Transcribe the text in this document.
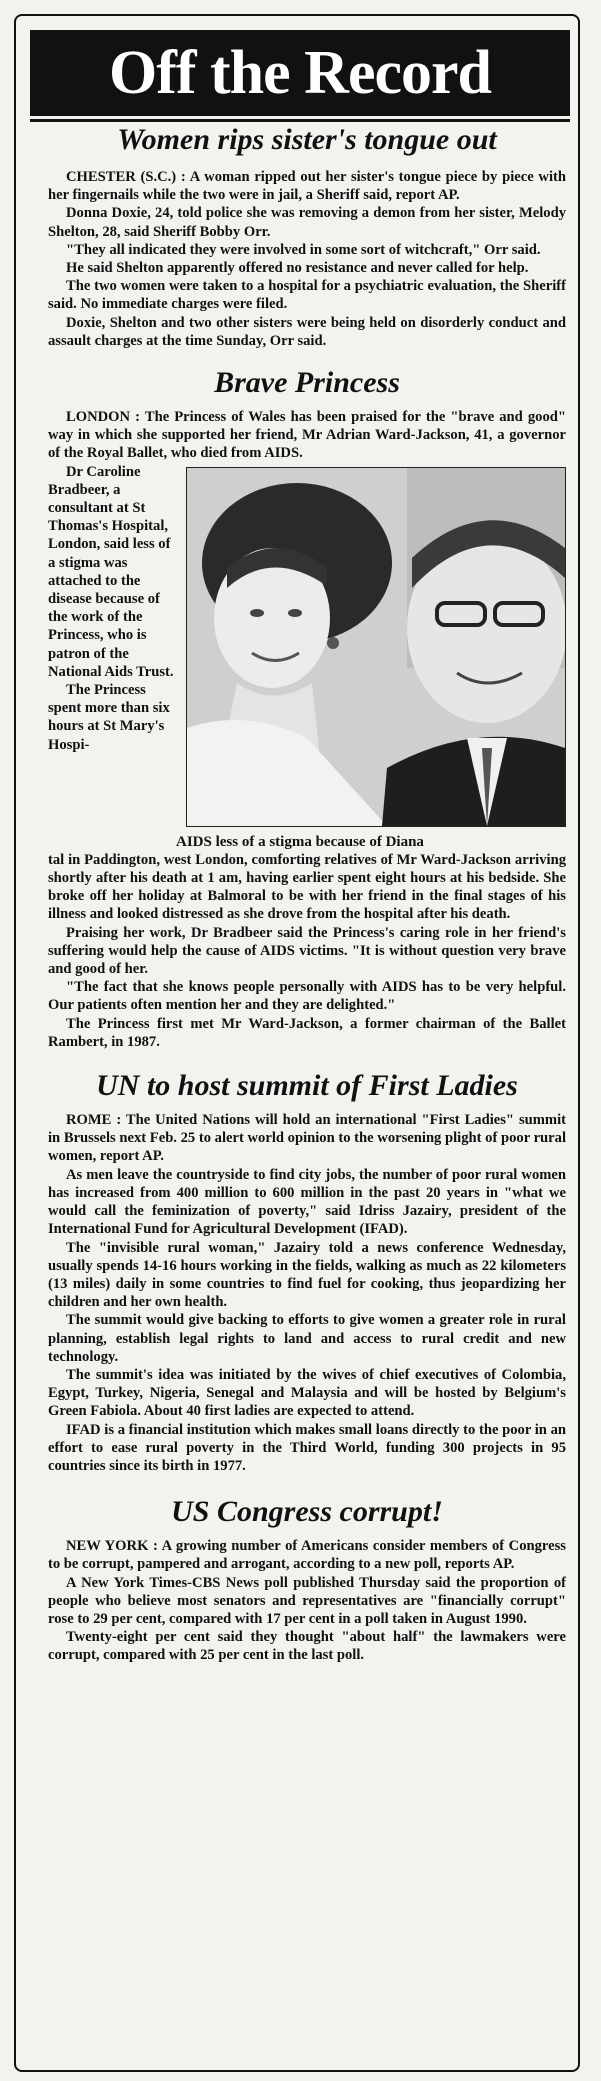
Off the Record
Women rips sister's tongue out

CHESTER (S.C.) : A woman ripped out her sister's tongue piece by piece with her fingernails while the two were in jail, a Sheriff said, report AP.

Donna Doxie, 24, told police she was removing a demon from her sister, Melody Shelton, 28, said Sheriff Bobby Orr.

"They all indicated they were involved in some sort of witchcraft," Orr said.

He said Shelton apparently offered no resistance and never called for help.

The two women were taken to a hospital for a psychiatric evaluation, the Sheriff said. No immediate charges were filed.

Doxie, Shelton and two other sisters were being held on disorderly conduct and assault charges at the time Sunday, Orr said.

Brave Princess

LONDON : The Princess of Wales has been praised for the "brave and good" way in which she supported her friend, Mr Adrian Ward-Jackson, 41, a governor of the Royal Ballet, who died from AIDS.

Dr Caroline Bradbeer, a consultant at St Thomas's Hospital, London, said less of a stigma was attached to the disease because of the work of the Princess, who is patron of the National Aids Trust.

The Princess spent more than six hours at St Mary's Hospi-

AIDS less of a stigma because of Diana

tal in Paddington, west London, comforting relatives of Mr Ward-Jackson arriving shortly after his death at 1 am, having earlier spent eight hours at his bedside. She broke off her holiday at Balmoral to be with her friend in the final stages of his illness and looked distressed as she drove from the hospital after his death.

Praising her work, Dr Bradbeer said the Princess's caring role in her friend's suffering would help the cause of AIDS victims. "It is without question very brave and good of her.

"The fact that she knows people personally with AIDS has to be very helpful. Our patients often mention her and they are delighted."

The Princess first met Mr Ward-Jackson, a former chairman of the Ballet Rambert, in 1987.

UN to host summit of First Ladies

ROME : The United Nations will hold an international "First Ladies" summit in Brussels next Feb. 25 to alert world opinion to the worsening plight of poor rural women, report AP.

As men leave the countryside to find city jobs, the number of poor rural women has increased from 400 million to 600 million in the past 20 years in "what we would call the feminization of poverty," said Idriss Jazairy, president of the International Fund for Agricultural Development (IFAD).

The "invisible rural woman," Jazairy told a news conference Wednesday, usually spends 14-16 hours working in the fields, walking as much as 22 kilometers (13 miles) daily in some countries to find fuel for cooking, thus jeopardizing her children and her own health.

The summit would give backing to efforts to give women a greater role in rural planning, establish legal rights to land and access to rural credit and new technology.

The summit's idea was initiated by the wives of chief executives of Colombia, Egypt, Turkey, Nigeria, Senegal and Malaysia and will be hosted by Belgium's Green Fabiola. About 40 first ladies are expected to attend.

IFAD is a financial institution which makes small loans directly to the poor in an effort to ease rural poverty in the Third World, funding 300 projects in 95 countries since its birth in 1977.

US Congress corrupt!

NEW YORK : A growing number of Americans consider members of Congress to be corrupt, pampered and arrogant, according to a new poll, reports AP.

A New York Times-CBS News poll published Thursday said the proportion of people who believe most senators and representatives are "financially corrupt" rose to 29 per cent, compared with 17 per cent in a poll taken in August 1990.

Twenty-eight per cent said they thought "about half" the lawmakers were corrupt, compared with 25 per cent in the last poll.
